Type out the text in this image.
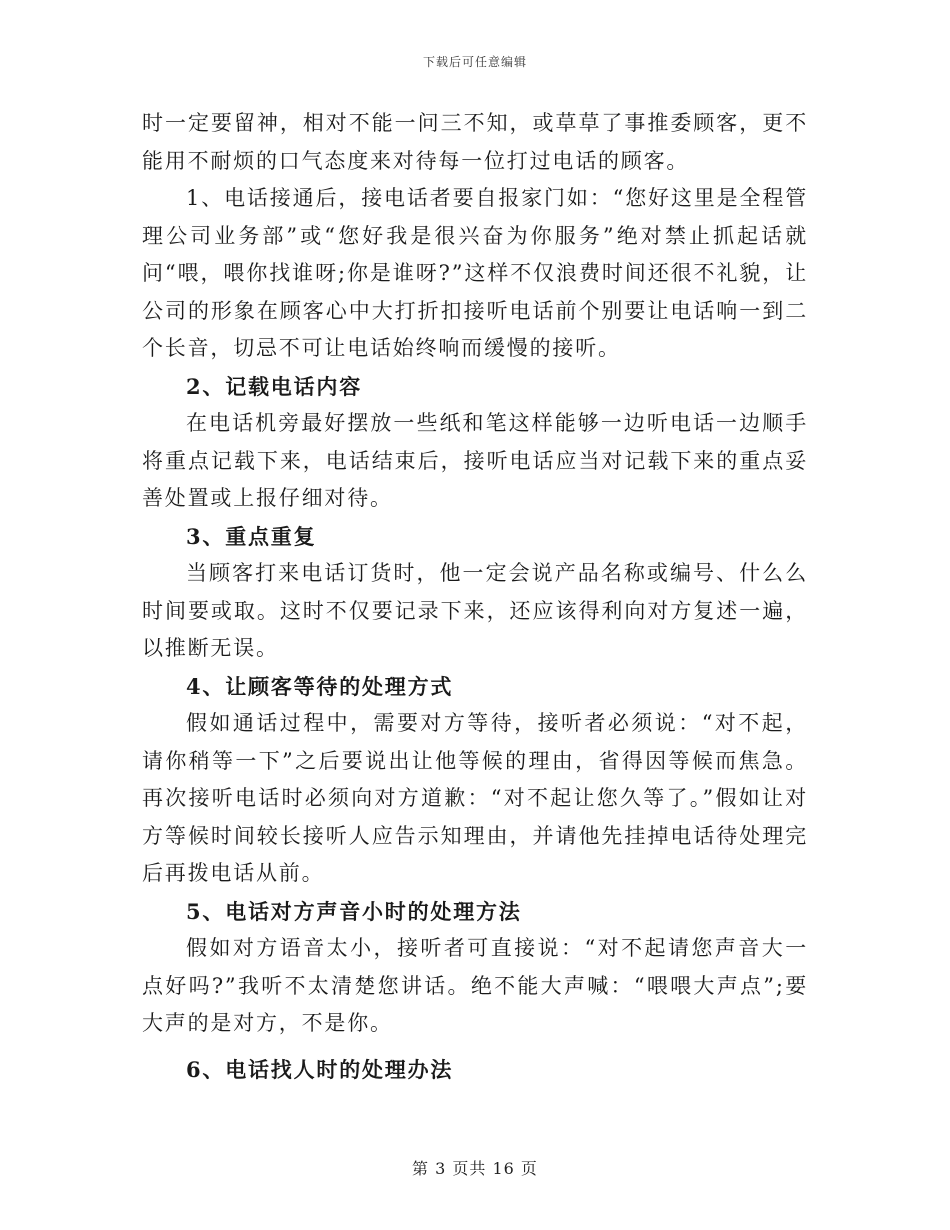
下载后可任意编辑

时一定要留神，相对不能一问三不知，或草草了事推委顾客，更不能用不耐烦的口气态度来对待每一位打过电话的顾客。

1、电话接通后，接电话者要自报家门如：“您好这里是全程管理公司业务部”或“您好我是很兴奋为你服务”绝对禁止抓起话就问“喂，喂你找谁呀;你是谁呀?”这样不仅浪费时间还很不礼貌，让公司的形象在顾客心中大打折扣接听电话前个别要让电话响一到二个长音，切忌不可让电话始终响而缓慢的接听。

2、记载电话内容

在电话机旁最好摆放一些纸和笔这样能够一边听电话一边顺手将重点记载下来，电话结束后，接听电话应当对记载下来的重点妥善处置或上报仔细对待。

3、重点重复

当顾客打来电话订货时，他一定会说产品名称或编号、什么么时间要或取。这时不仅要记录下来，还应该得利向对方复述一遍，以推断无误。

4、让顾客等待的处理方式

假如通话过程中，需要对方等待，接听者必须说：“对不起，请你稍等一下”之后要说出让他等候的理由，省得因等候而焦急。再次接听电话时必须向对方道歉：“对不起让您久等了。”假如让对方等候时间较长接听人应告示知理由，并请他先挂掉电话待处理完后再拨电话从前。

5、电话对方声音小时的处理方法

假如对方语音太小，接听者可直接说：“对不起请您声音大一点好吗?”我听不太清楚您讲话。绝不能大声喊：“喂喂大声点”;要大声的是对方，不是你。

6、电话找人时的处理办法

第 3 页共 16 页
